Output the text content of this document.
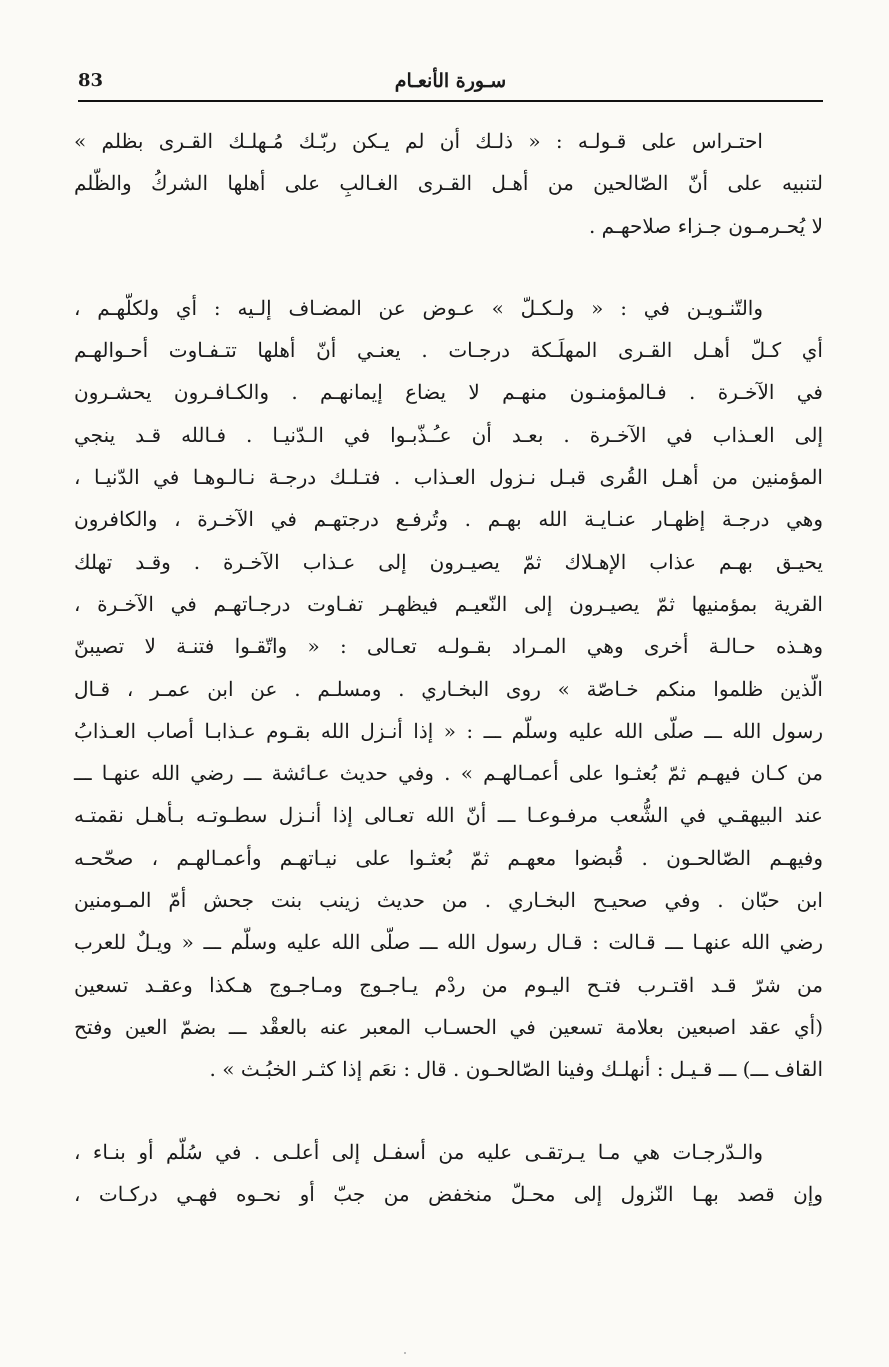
83	سـورة الأنعـام

احتـراس على قـولـه : « ذلـك أن لم يـكن ربّـك مُـهلـك القـرى بظلم »
لتنبيه على أنّ الصّالحين من أهـل القـرى الغـالبِ على أهلها الشركُ والظّلم
لا يُحـرمـون جـزاء صلاحهـم .

والتّنـويـن في : « ولـكـلّ » عـوض عن المضـاف إلـيه : أي ولكلّهـم ،
أي كـلّ أهـل القـرى المهلَـكة درجـات . يعنـي أنّ أهلها تتـفـاوت أحـوالهـم
في الآخـرة . فـالمؤمنـون منهـم لا يضاع إيمانهـم . والكـافـرون يحشـرون
إلى العـذاب في الآخـرة . بعـد أن عـُـذّبـوا في الـدّنيـا . فـالله قـد ينجي
المؤمنين من أهـل القُرى قبـل نـزول العـذاب . فتـلـك درجـة نـالـوهـا في الدّنيـا ،
وهي درجـة إظهـار عنـايـة الله بهـم . وتُرفـع درجتهـم في الآخـرة ، والكافرون
يحيـق بهـم عذاب الإهـلاك ثمّ يصيـرون إلى عـذاب الآخـرة . وقـد تهلك
القرية بمؤمنيها ثمّ يصيـرون إلى النّعيـم فيظهـر تفـاوت درجـاتهـم في الآخـرة ،
وهـذه حـالـة أخرى وهي المـراد بقـولـه تعـالى : « واتّقـوا فتنـة لا تصيبنّ
الّذين ظلموا منكم خـاصّة » روى البخـاري . ومسلـم . عن ابن عمـر ، قـال
رسول الله ـــ صلّى الله عليه وسلّم ـــ : « إذا أنـزل الله بقـوم عـذابـا أصاب العـذابُ
من كـان فيهـم ثمّ بُعثـوا على أعمـالهـم » . وفي حديث عـائشة ـــ رضي الله عنهـا ـــ
عند البيهقـي في الشُّعب مرفـوعـا ـــ أنّ الله تعـالى إذا أنـزل سطـوتـه بـأهـل نقمتـه
وفيهـم الصّالحـون . قُبضوا معهـم ثمّ بُعثـوا على نيـاتهـم وأعمـالهـم ، صحّحـه
ابن حبّان . وفي صحيـح البخـاري . من حديث زينب بنت جحش أمّ المـومنين
رضي الله عنهـا ـــ قـالت : قـال رسول الله ـــ صلّى الله عليه وسلّم ـــ « ويـلٌ للعرب
من شرّ قـد اقتـرب فتـح اليـوم من ردْم يـاجـوج ومـاجـوج هـكذا وعقـد تسعين
(أي عقد اصبعين بعلامة تسعين في الحسـاب المعبر عنه بالعقْد ـــ بضمّ العين وفتح
القاف ـــ) ـــ قـيـل : أنهلـك وفينا الصّالحـون . قال : نعَم إذا كثـر الخبُـث » .

والـدّرجـات هي مـا يـرتقـى عليه من أسفـل إلى أعلـى . في سُلّم أو بنـاء ،
وإن قصد بهـا النّزول إلى محـلّ منخفض من جبّ أو نحـوه فهـي دركـات ،
